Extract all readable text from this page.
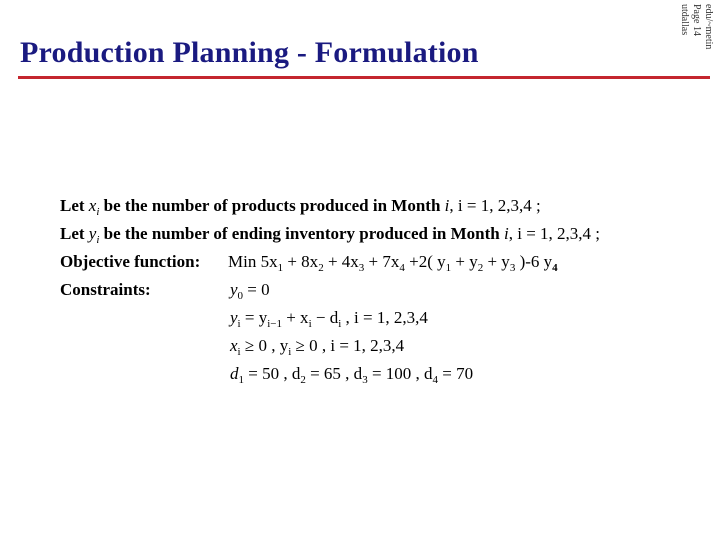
Production Planning - Formulation
edu/~metin
Page 14
utdallas
Let $x_i$ be the number of products produced in Month i, i = 1, 2,3,4 ;
Let $y_i$ be the number of ending inventory produced in Month i, i = 1, 2,3,4 ;
Objective function: Min $5x_1 + 8x_2 + 4x_3 + 7x_4 +2$( $y_1 + y_2 + y_3$ )-6 $y_4$
Constraints:	$y_0 = 0$
$y_i = y_{i-1} + x_i - d_i$ , i = 1, 2,3,4
$x_i \ge 0$ , $y_i \ge 0$ , i = 1, 2,3,4
$d_1 = 50$ , $d_2 = 65$ , $d_3 = 100$ , $d_4 = 70$
